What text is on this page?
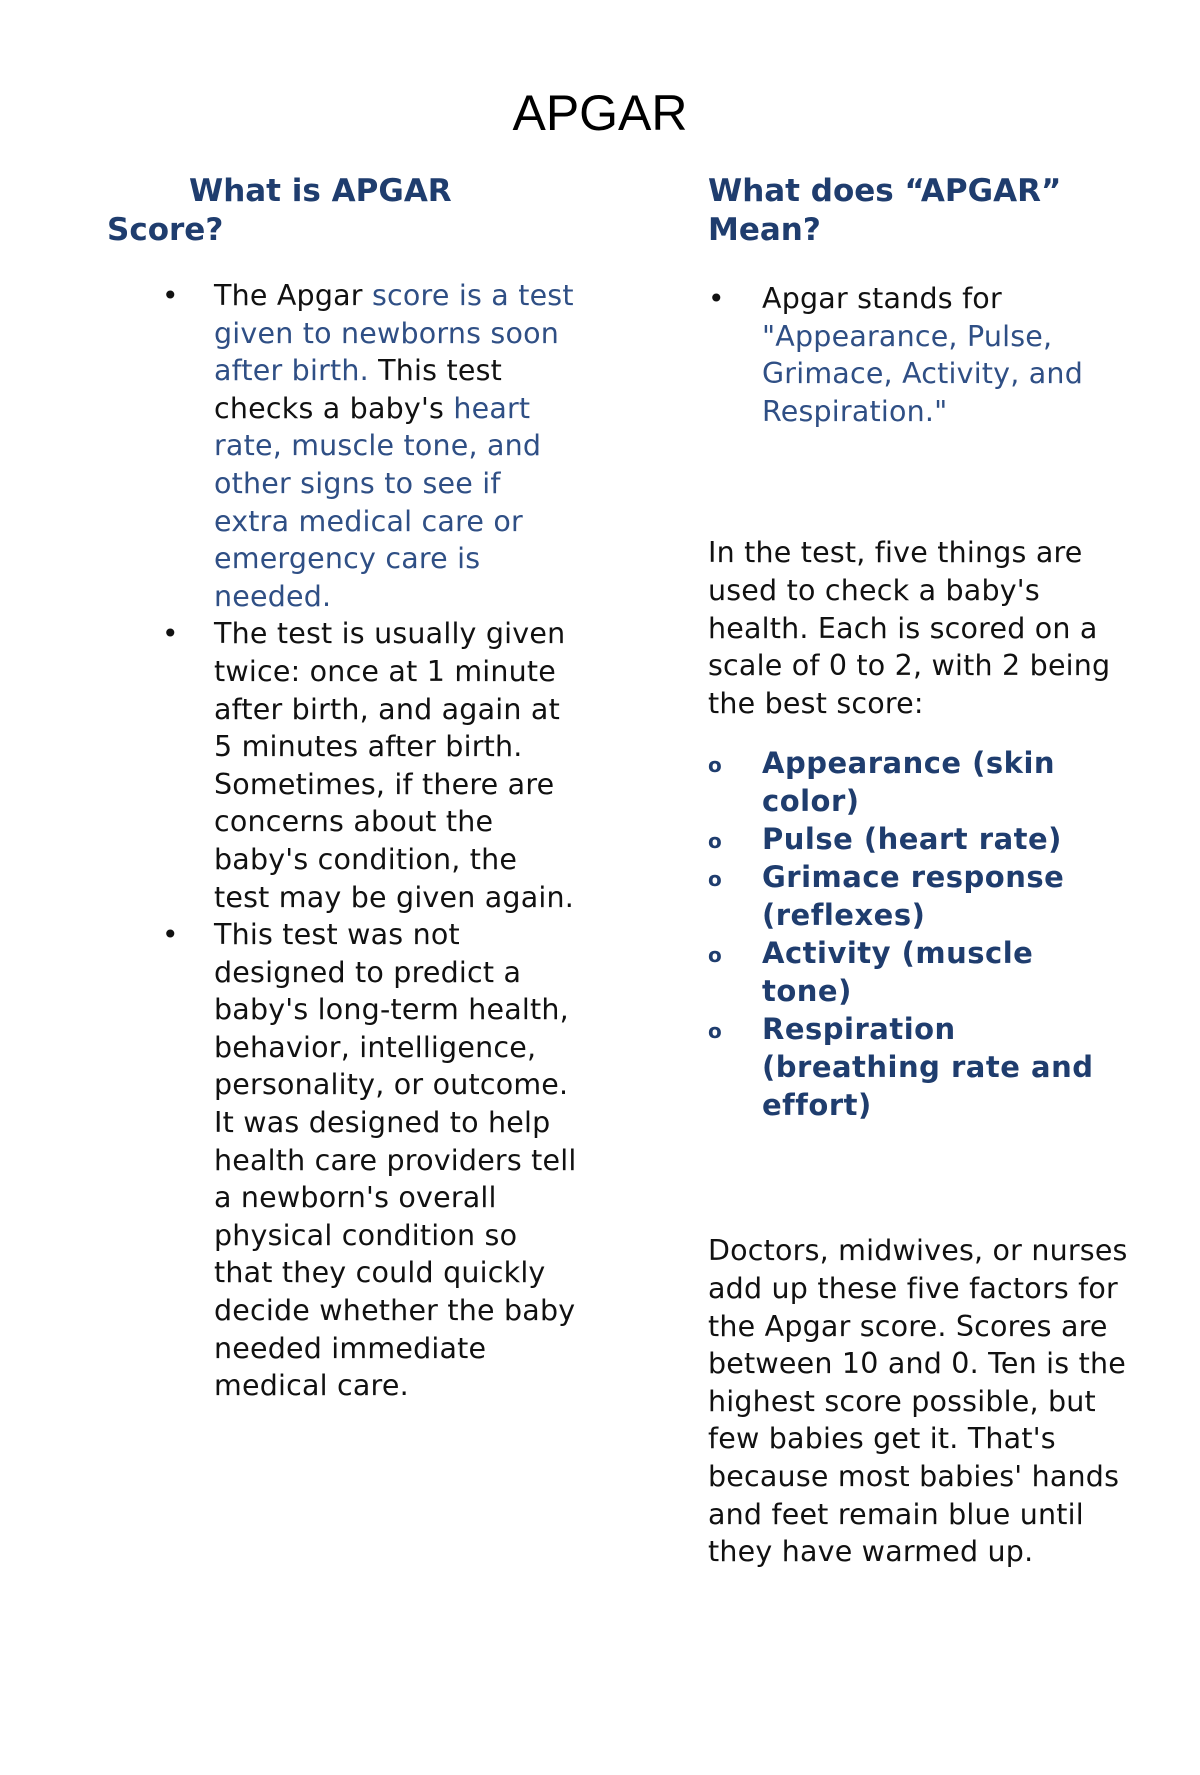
APGAR
What is APGAR Score?
• The Apgar score is a test given to newborns soon after birth. This test checks a baby's heart rate, muscle tone, and other signs to see if extra medical care or emergency care is needed.
• The test is usually given twice: once at 1 minute after birth, and again at 5 minutes after birth. Sometimes, if there are concerns about the baby's condition, the test may be given again.
• This test was not designed to predict a baby's long-term health, behavior, intelligence, personality, or outcome. It was designed to help health care providers tell a newborn's overall physical condition so that they could quickly decide whether the baby needed immediate medical care.
What does “APGAR” Mean?
• Apgar stands for "Appearance, Pulse, Grimace, Activity, and Respiration."

In the test, five things are used to check a baby's health. Each is scored on a scale of 0 to 2, with 2 being the best score:

o Appearance (skin color)
o Pulse (heart rate)
o Grimace response (reflexes)
o Activity (muscle tone)
o Respiration (breathing rate and effort)

Doctors, midwives, or nurses add up these five factors for the Apgar score. Scores are between 10 and 0. Ten is the highest score possible, but few babies get it. That's because most babies' hands and feet remain blue until they have warmed up.
